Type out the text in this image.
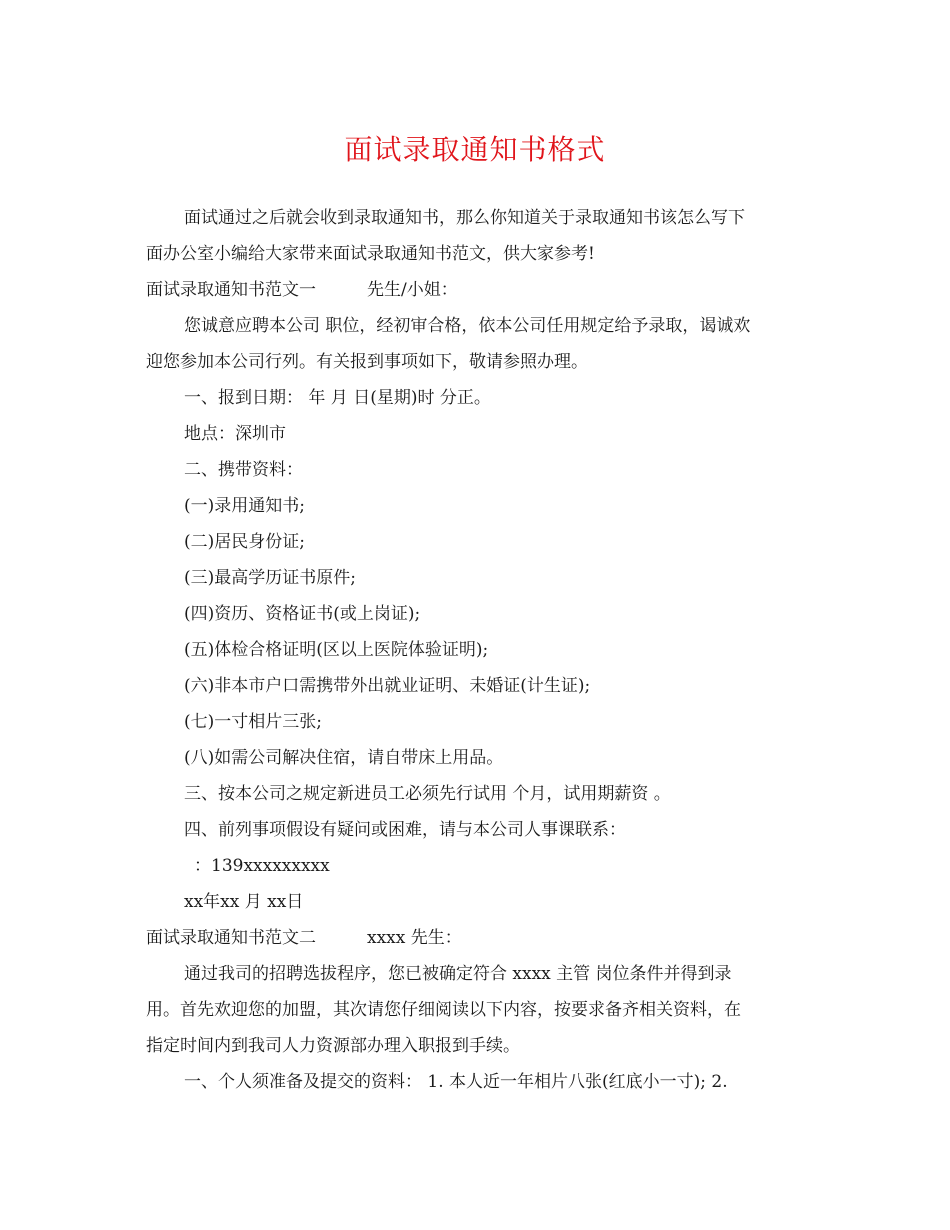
面试录取通知书格式
面试通过之后就会收到录取通知书，那么你知道关于录取通知书该怎么写下
面办公室小编给大家带来面试录取通知书范文，供大家参考!
面试录取通知书范文一　　　先生/小姐：
您诚意应聘本公司 职位，经初审合格，依本公司任用规定给予录取，谒诚欢
迎您参加本公司行列。有关报到事项如下，敬请参照办理。
一、报到日期： 年 月 日(星期)时 分正。
地点：深圳市
二、携带资料：
(一)录用通知书;
(二)居民身份证;
(三)最高学历证书原件;
(四)资历、资格证书(或上岗证);
(五)体检合格证明(区以上医院体验证明);
(六)非本市户口需携带外出就业证明、未婚证(计生证);
(七)一寸相片三张;
(八)如需公司解决住宿，请自带床上用品。
三、按本公司之规定新进员工必须先行试用 个月，试用期薪资 。
四、前列事项假设有疑问或困难，请与本公司人事课联系：
：139xxxxxxxxx
xx年xx 月 xx日
面试录取通知书范文二　　　xxxx 先生：
通过我司的招聘选拔程序，您已被确定符合 xxxx 主管 岗位条件并得到录
用。首先欢迎您的加盟，其次请您仔细阅读以下内容，按要求备齐相关资料，在
指定时间内到我司人力资源部办理入职报到手续。
一、个人须准备及提交的资料： 1. 本人近一年相片八张(红底小一寸); 2.
